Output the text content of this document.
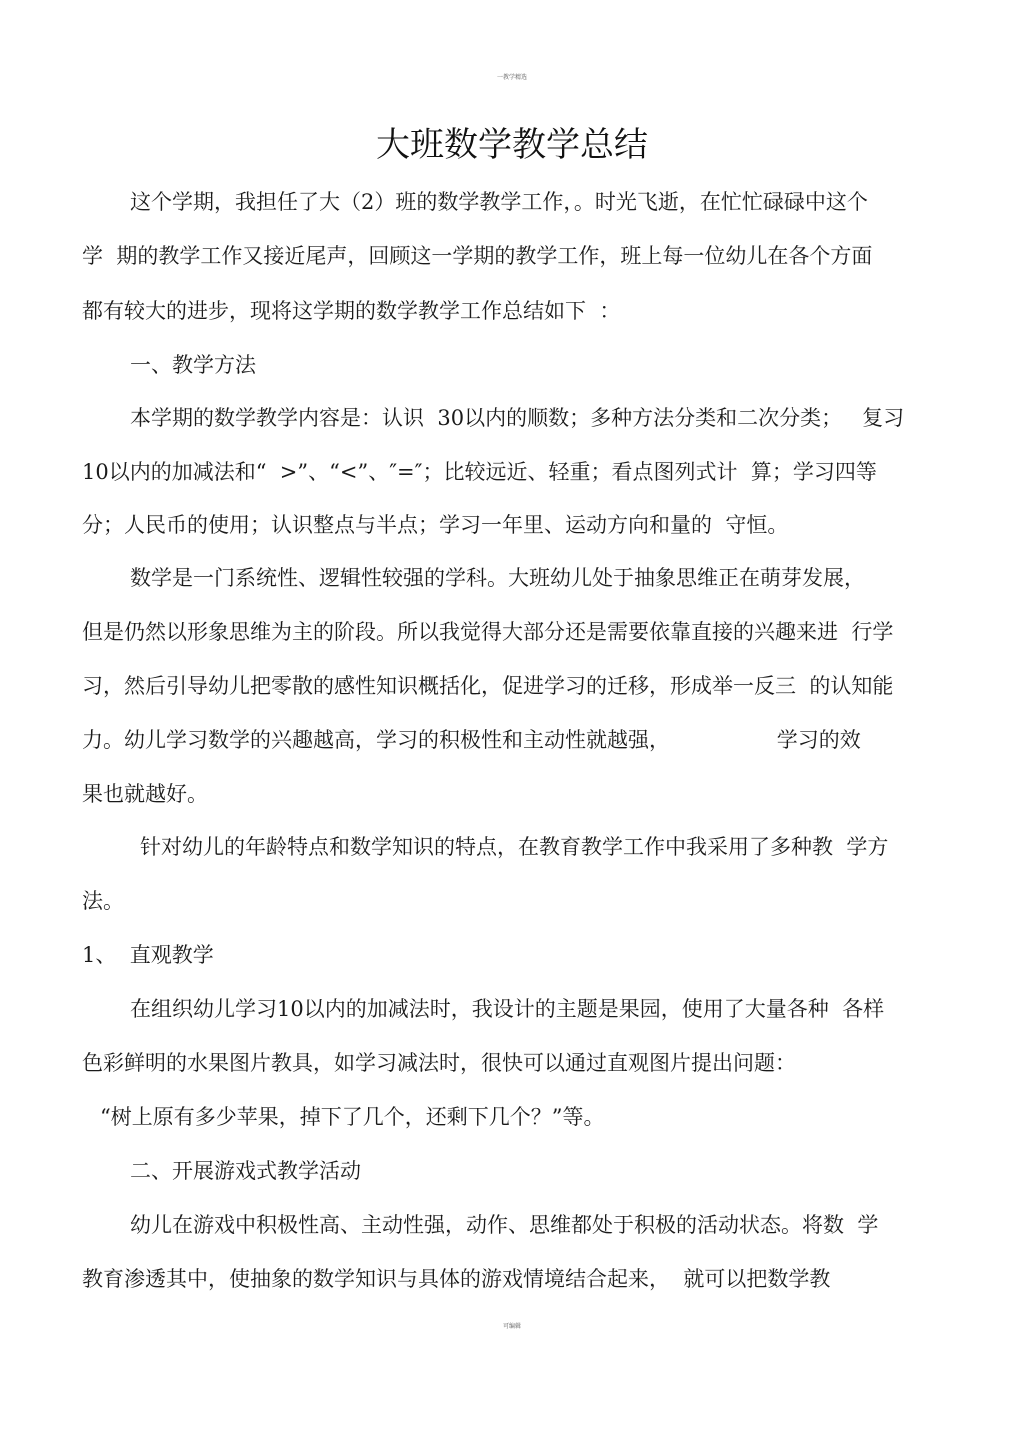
一教学精选
大班数学教学总结
这个学期，我担任了大（2）班的数学教学工作，。时光飞逝，在忙忙碌碌中这个
学  期的教学工作又接近尾声，回顾这一学期的教学工作，班上每一位幼儿在各个方面
都有较大的进步，现将这学期的数学教学工作总结如下  ：
一、教学方法
本学期的数学教学内容是：认识  30以内的顺数；多种方法分类和二次分类；   复习
10以内的加减法和“  >”、“<”、″=″；比较远近、轻重；看点图列式计  算；学习四等
分；人民币的使用；认识整点与半点；学习一年里、运动方向和量的  守恒。
数学是一门系统性、逻辑性较强的学科。大班幼儿处于抽象思维正在萌芽发展，
但是仍然以形象思维为主的阶段。所以我觉得大部分还是需要依靠直接的兴趣来进  行学
习，然后引导幼儿把零散的感性知识概括化，促进学习的迁移，形成举一反三  的认知能
力。幼儿学习数学的兴趣越高，学习的积极性和主动性就越强，                学习的效
果也就越好。
针对幼儿的年龄特点和数学知识的特点，在教育教学工作中我采用了多种教  学方
法。
1、  直观教学
在组织幼儿学习10以内的加减法时，我设计的主题是果园，使用了大量各种  各样
色彩鲜明的水果图片教具，如学习减法时，很快可以通过直观图片提出问题：
“树上原有多少苹果，掉下了几个，还剩下几个？”等。
二、开展游戏式教学活动
幼儿在游戏中积极性高、主动性强，动作、思维都处于积极的活动状态。将数  学
教育渗透其中，使抽象的数学知识与具体的游戏情境结合起来，  就可以把数学教
可编辑
